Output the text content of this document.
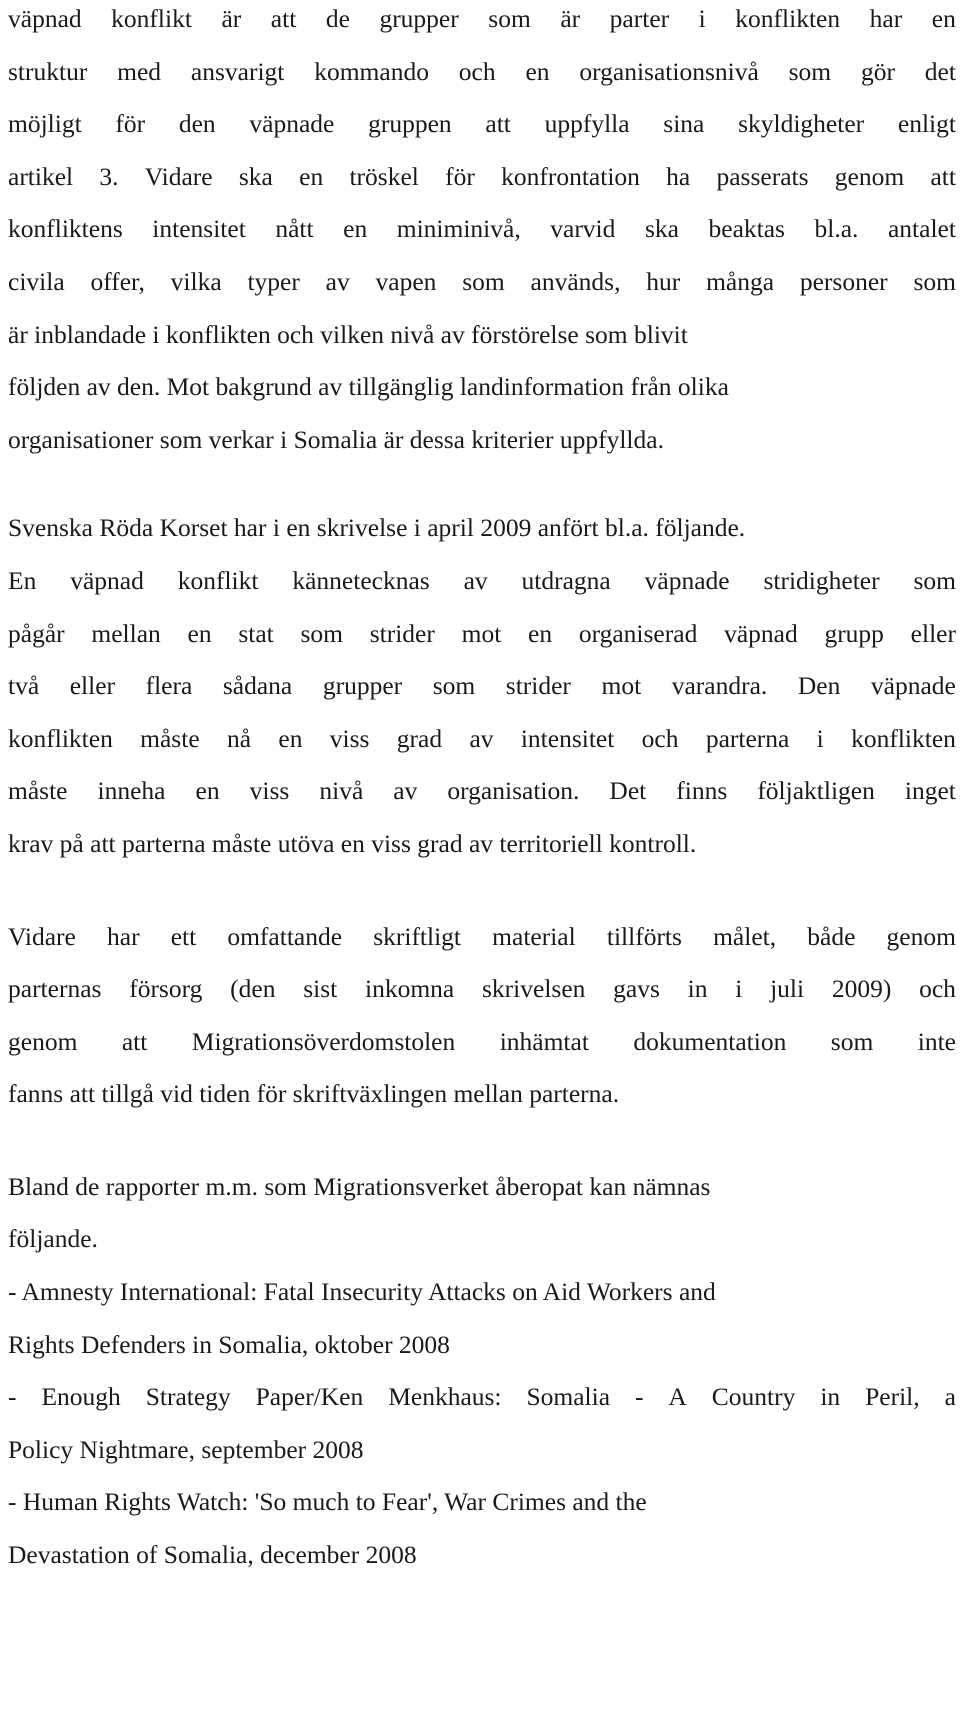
väpnad konflikt är att de grupper som är parter i konflikten har en
struktur med ansvarigt kommando och en organisationsnivå som gör det
möjligt för den väpnade gruppen att uppfylla sina skyldigheter enligt
artikel 3. Vidare ska en tröskel för konfrontation ha passerats genom att
konfliktens intensitet nått en miniminivå, varvid ska beaktas bl.a. antalet
civila offer, vilka typer av vapen som används, hur många personer som
är inblandade i konflikten och vilken nivå av förstörelse som blivit
följden av den. Mot bakgrund av tillgänglig landinformation från olika
organisationer som verkar i Somalia är dessa kriterier uppfyllda.
Svenska Röda Korset har i en skrivelse i april 2009 anfört bl.a. följande.
En väpnad konflikt kännetecknas av utdragna väpnade stridigheter som
pågår mellan en stat som strider mot en organiserad väpnad grupp eller
två eller flera sådana grupper som strider mot varandra. Den väpnade
konflikten måste nå en viss grad av intensitet och parterna i konflikten
måste inneha en viss nivå av organisation. Det finns följaktligen inget
krav på att parterna måste utöva en viss grad av territoriell kontroll.
Vidare har ett omfattande skriftligt material tillförts målet, både genom
parternas försorg (den sist inkomna skrivelsen gavs in i juli 2009) och
genom att Migrationsöverdomstolen inhämtat dokumentation som inte
fanns att tillgå vid tiden för skriftväxlingen mellan parterna.
Bland de rapporter m.m. som Migrationsverket åberopat kan nämnas
följande.
- Amnesty International: Fatal Insecurity Attacks on Aid Workers and
Rights Defenders in Somalia, oktober 2008
- Enough Strategy Paper/Ken Menkhaus: Somalia - A Country in Peril, a
Policy Nightmare, september 2008
- Human Rights Watch: 'So much to Fear', War Crimes and the
Devastation of Somalia, december 2008
